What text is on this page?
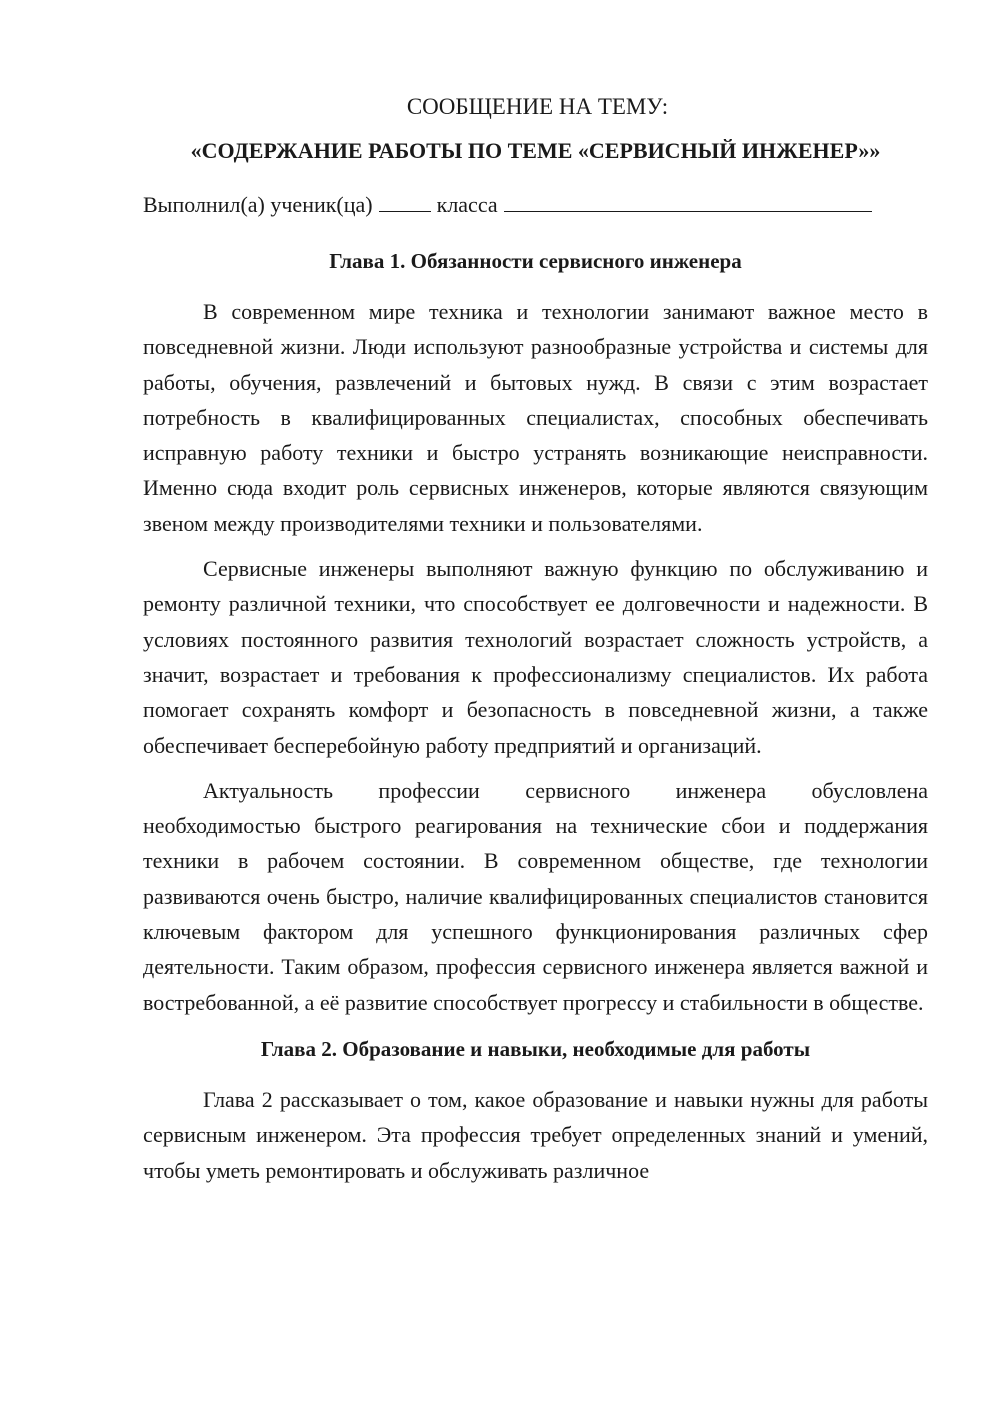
СООБЩЕНИЕ НА ТЕМУ:
«СОДЕРЖАНИЕ РАБОТЫ ПО ТЕМЕ «СЕРВИСНЫЙ ИНЖЕНЕР»»
Выполнил(а) ученик(ца)	класса
Глава 1. Обязанности сервисного инженера

В современном мире техника и технологии занимают важное место в повседневной жизни. Люди используют разнообразные устройства и системы для работы, обучения, развлечений и бытовых нужд. В связи с этим возрастает потребность в квалифицированных специалистах, способных обеспечивать исправную работу техники и быстро устранять возникающие неисправности. Именно сюда входит роль сервисных инженеров, которые являются связующим звеном между производителями техники и пользователями.

Сервисные инженеры выполняют важную функцию по обслуживанию и ремонту различной техники, что способствует ее долговечности и надежности. В условиях постоянного развития технологий возрастает сложность устройств, а значит, возрастает и требования к профессионализму специалистов. Их работа помогает сохранять комфорт и безопасность в повседневной жизни, а также обеспечивает бесперебойную работу предприятий и организаций.

Актуальность профессии сервисного инженера обусловлена необходимостью быстрого реагирования на технические сбои и поддержания техники в рабочем состоянии. В современном обществе, где технологии развиваются очень быстро, наличие квалифицированных специалистов становится ключевым фактором для успешного функционирования различных сфер деятельности. Таким образом, профессия сервисного инженера является важной и востребованной, а её развитие способствует прогрессу и стабильности в обществе.

Глава 2. Образование и навыки, необходимые для работы

Глава 2 рассказывает о том, какое образование и навыки нужны для работы сервисным инженером. Эта профессия требует определенных знаний и умений, чтобы уметь ремонтировать и обслуживать различное
